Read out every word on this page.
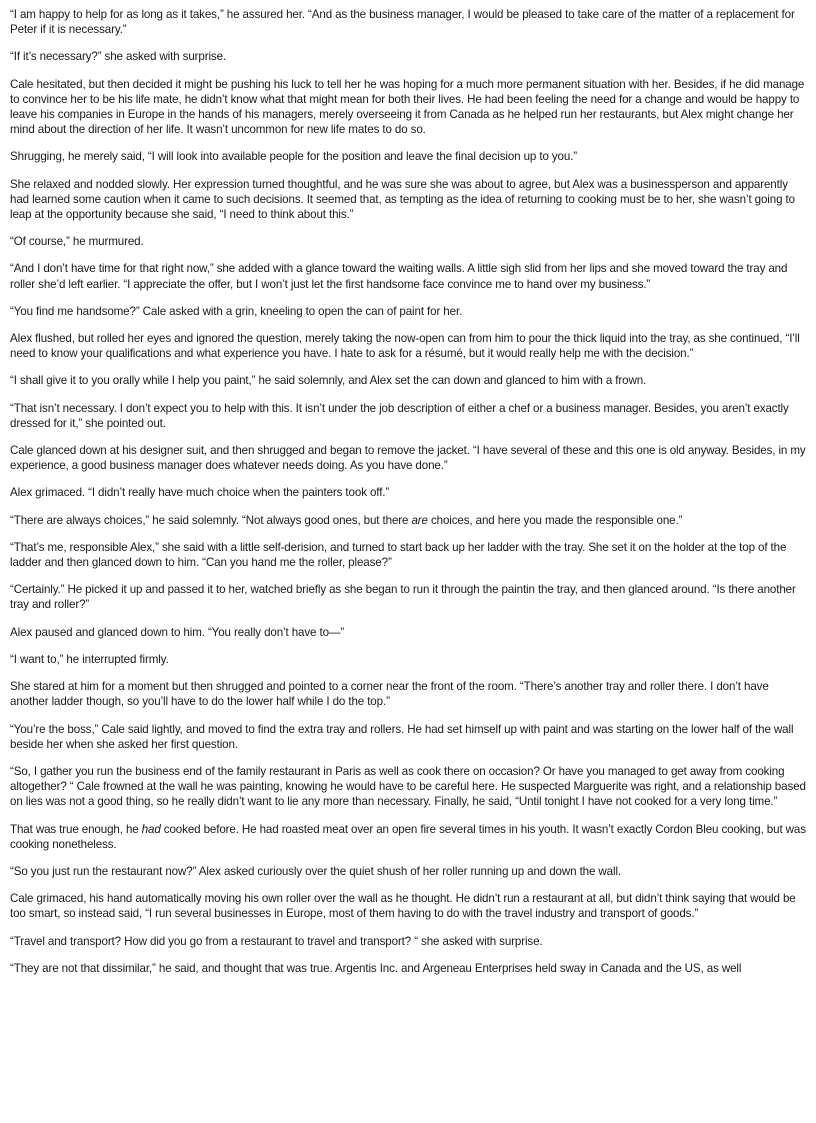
“I am happy to help for as long as it takes,” he assured her. “And as the business manager, I would be pleased to take care of the matter of a replacement for Peter if it is necessary.”

“If it’s necessary?” she asked with surprise.

Cale hesitated, but then decided it might be pushing his luck to tell her he was hoping for a much more permanent situation with her. Besides, if he did manage to convince her to be his life mate, he didn’t know what that might mean for both their lives. He had been feeling the need for a change and would be happy to leave his companies in Europe in the hands of his managers, merely overseeing it from Canada as he helped run her restaurants, but Alex might change her mind about the direction of her life. It wasn’t uncommon for new life mates to do so.

Shrugging, he merely said, “I will look into available people for the position and leave the final decision up to you.”

She relaxed and nodded slowly. Her expression turned thoughtful, and he was sure she was about to agree, but Alex was a businessperson and apparently had learned some caution when it came to such decisions. It seemed that, as tempting as the idea of returning to cooking must be to her, she wasn’t going to leap at the opportunity because she said, “I need to think about this.”

“Of course,” he murmured.

“And I don’t have time for that right now,” she added with a glance toward the waiting walls. A little sigh slid from her lips and she moved toward the tray and roller she’d left earlier. “I appreciate the offer, but I won’t just let the first handsome face convince me to hand over my business.”

“You find me handsome?” Cale asked with a grin, kneeling to open the can of paint for her.

Alex flushed, but rolled her eyes and ignored the question, merely taking the now-open can from him to pour the thick liquid into the tray, as she continued, “I’ll need to know your qualifications and what experience you have. I hate to ask for a résumé, but it would really help me with the decision.”

“I shall give it to you orally while I help you paint,” he said solemnly, and Alex set the can down and glanced to him with a frown.

“That isn’t necessary. I don’t expect you to help with this. It isn’t under the job description of either a chef or a business manager. Besides, you aren’t exactly dressed for it,” she pointed out.

Cale glanced down at his designer suit, and then shrugged and began to remove the jacket. “I have several of these and this one is old anyway. Besides, in my experience, a good business manager does whatever needs doing. As you have done.”

Alex grimaced. “I didn’t really have much choice when the painters took off.”

“There are always choices,” he said solemnly. “Not always good ones, but there are choices, and here you made the responsible one.”

“That’s me, responsible Alex,” she said with a little self-derision, and turned to start back up her ladder with the tray. She set it on the holder at the top of the ladder and then glanced down to him. “Can you hand me the roller, please?”

“Certainly.” He picked it up and passed it to her, watched briefly as she began to run it through the paintin the tray, and then glanced around. “Is there another tray and roller?”

Alex paused and glanced down to him. “You really don’t have to—”

“I want to,” he interrupted firmly.

She stared at him for a moment but then shrugged and pointed to a corner near the front of the room. “There’s another tray and roller there. I don’t have another ladder though, so you’ll have to do the lower half while I do the top.”

“You’re the boss,” Cale said lightly, and moved to find the extra tray and rollers. He had set himself up with paint and was starting on the lower half of the wall beside her when she asked her first question.

“So, I gather you run the business end of the family restaurant in Paris as well as cook there on occasion? Or have you managed to get away from cooking altogether? “ Cale frowned at the wall he was painting, knowing he would have to be careful here. He suspected Marguerite was right, and a relationship based on lies was not a good thing, so he really didn’t want to lie any more than necessary. Finally, he said, “Until tonight I have not cooked for a very long time.”

That was true enough, he had cooked before. He had roasted meat over an open fire several times in his youth. It wasn’t exactly Cordon Bleu cooking, but was cooking nonetheless.

“So you just run the restaurant now?” Alex asked curiously over the quiet shush of her roller running up and down the wall.

Cale grimaced, his hand automatically moving his own roller over the wall as he thought. He didn’t run a restaurant at all, but didn’t think saying that would be too smart, so instead said, “I run several businesses in Europe, most of them having to do with the travel industry and transport of goods.”

“Travel and transport? How did you go from a restaurant to travel and transport? “ she asked with surprise.

“They are not that dissimilar,” he said, and thought that was true. Argentis Inc. and Argeneau Enterprises held sway in Canada and the US, as well
